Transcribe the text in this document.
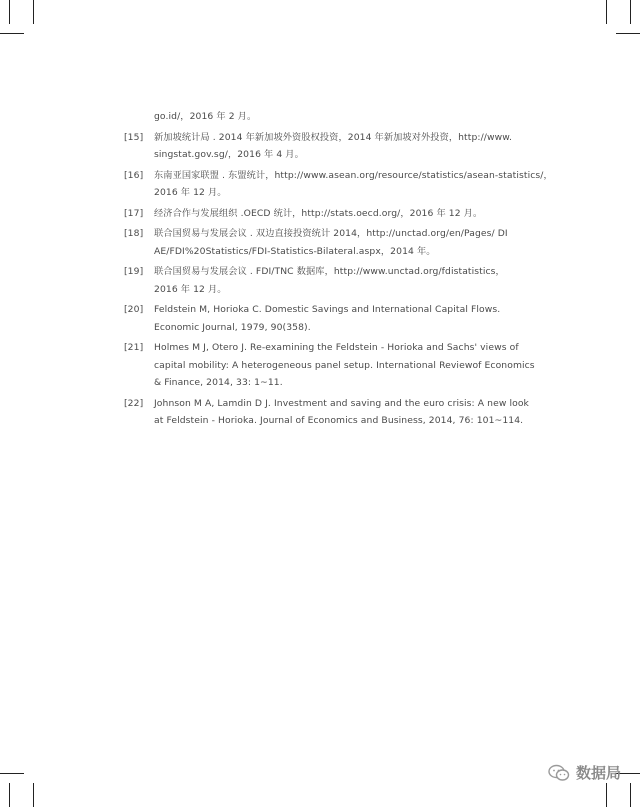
go.id/，2016 年 2 月。
[15]	新加坡统计局 . 2014 年新加坡外资股权投资，2014 年新加坡对外投资，http://www.
singstat.gov.sg/，2016 年 4 月。
[16]	东南亚国家联盟 . 东盟统计，http://www.asean.org/resource/statistics/asean-statistics/，
2016 年 12 月。
[17]	经济合作与发展组织 .OECD 统计，http://stats.oecd.org/，2016 年 12 月。
[18]	联合国贸易与发展会议 . 双边直接投资统计 2014，http://unctad.org/en/Pages/ DI
AE/FDI%20Statistics/FDI-Statistics-Bilateral.aspx，2014 年。
[19]	联合国贸易与发展会议 . FDI/TNC 数据库，http://www.unctad.org/fdistatistics，
2016 年 12 月。
[20]	Feldstein M, Horioka C. Domestic Savings and International Capital Flows.
Economic Journal, 1979, 90(358).
[21]	Holmes M J, Otero J. Re-examining the Feldstein - Horioka and Sachs' views of
capital mobility: A heterogeneous panel setup. International Reviewof Economics
& Finance, 2014, 33: 1~11.
[22]	Johnson M A, Lamdin D J. Investment and saving and the euro crisis: A new look
at Feldstein - Horioka. Journal of Economics and Business, 2014, 76: 101~114.
数据局
